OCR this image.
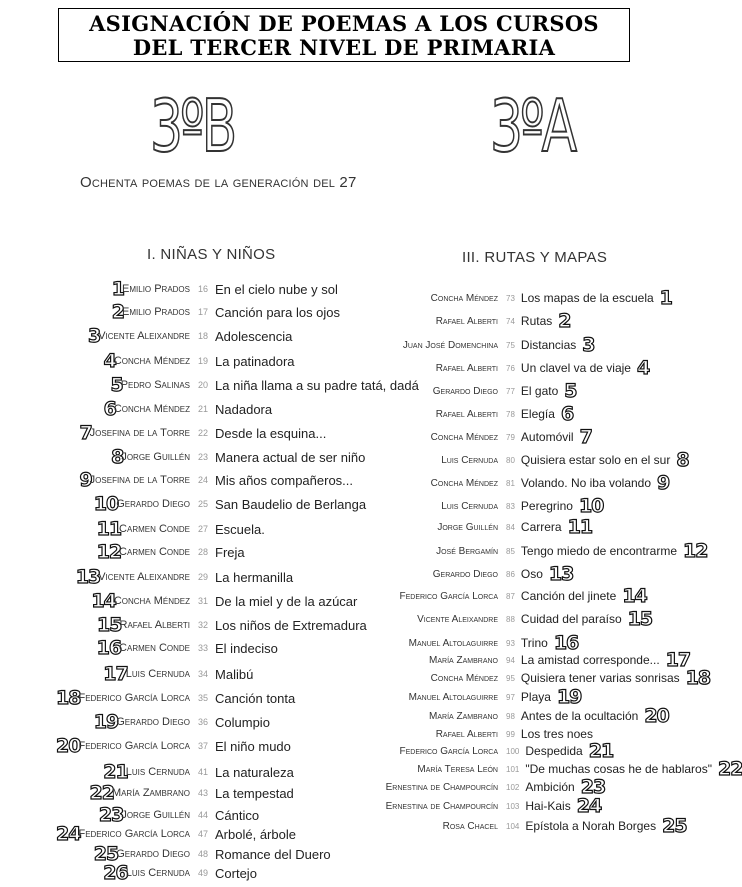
ASIGNACIÓN DE POEMAS A LOS CURSOS
DEL TERCER NIVEL DE PRIMARIA
3ºB	3ºA
Ochenta poemas de la generación del 27
I. NIÑAS Y NIÑOS	III. RUTAS Y MAPAS
1
Emilio Prados 16 En el cielo nube y sol
2
Emilio Prados 17 Canción para los ojos
3
Vicente Aleixandre 18 Adolescencia
4
Concha Méndez 19 La patinadora
5
Pedro Salinas 20 La niña llama a su padre tatá, dadá
6
Concha Méndez 21 Nadadora
7
Josefina de la Torre 22 Desde la esquina...
8
Jorge Guillén 23 Manera actual de ser niño
9
Josefina de la Torre 24 Mis años compañeros...
10
Gerardo Diego 25 San Baudelio de Berlanga
11
Carmen Conde 27 Escuela.
12
Carmen Conde 28 Freja
13
Vicente Aleixandre 29 La hermanilla
14
Concha Méndez 31 De la miel y de la azúcar
15
Rafael Alberti 32 Los niños de Extremadura
16
Carmen Conde 33 El indeciso
17
Luis Cernuda 34 Malibú
18
Federico García Lorca 35 Canción tonta
19
Gerardo Diego 36 Columpio
20
Federico García Lorca 37 El niño mudo
21
Luis Cernuda 41 La naturaleza
22
María Zambrano 43 La tempestad
23
Jorge Guillén 44 Cántico
24
Federico García Lorca 47 Arbolé, árbole
25
Gerardo Diego 48 Romance del Duero
26
Luis Cernuda 49 Cortejo
Concha Méndez 73 Los mapas de la escuela 1
Rafael Alberti 74 Rutas 2
Juan José Domenchina 75 Distancias 3
Rafael Alberti 76 Un clavel va de viaje 4
Gerardo Diego 77 El gato 5
Rafael Alberti 78 Elegía 6
Concha Méndez 79 Automóvil 7
Luis Cernuda 80 Quisiera estar solo en el sur 8
Concha Méndez 81 Volando. No iba volando 9
Luis Cernuda 83 Peregrino 10
Jorge Guillén 84 Carrera 11
José Bergamín 85 Tengo miedo de encontrarme 12
Gerardo Diego 86 Oso 13
Federico García Lorca 87 Canción del jinete 14
Vicente Aleixandre 88 Cuidad del paraíso 15
Manuel Altolaguirre 93 Trino 16
María Zambrano 94 La amistad corresponde... 17
Concha Méndez 95 Quisiera tener varias sonrisas 18
Manuel Altolaguirre 97 Playa 19
María Zambrano 98 Antes de la ocultación 20
Rafael Alberti 99 Los tres noes
Federico García Lorca 100 Despedida 21
María Teresa León 101 "De muchas cosas he de hablaros" 22
Ernestina de Champourcín 102 Ambición 23
Ernestina de Champourcín 103 Hai-Kais 24
Rosa Chacel 104 Epístola a Norah Borges 25
